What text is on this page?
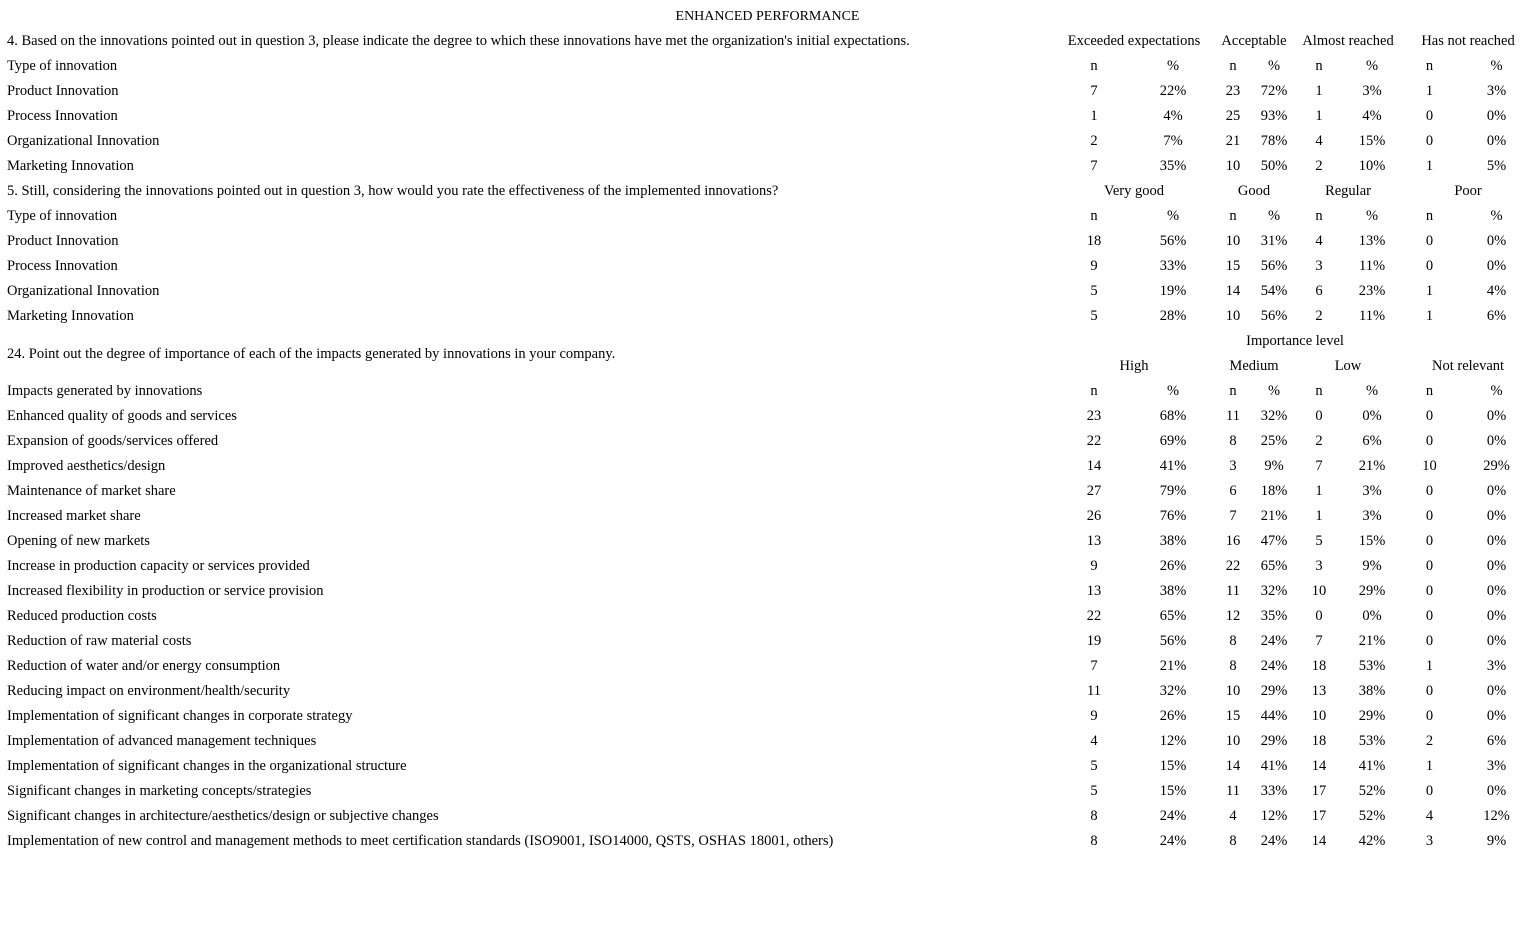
ENHANCED PERFORMANCE
4. Based on the innovations pointed out in question 3, please indicate the degree to which these innovations have met the organization's initial expectations.	Exceeded expectations		Acceptable		Almost reached		Has not reached	
Type of innovation	n	%	n	%	n	%	n	%
Product Innovation	7	22%	23	72%	1	3%	1	3%
Process Innovation	1	4%	25	93%	1	4%	0	0%
Organizational Innovation	2	7%	21	78%	4	15%	0	0%
Marketing Innovation	7	35%	10	50%	2	10%	1	5%
5. Still, considering the innovations pointed out in question 3, how would you rate the effectiveness of the implemented innovations?	Very good		Good		Regular		Poor	
Type of innovation	n	%	n	%	n	%	n	%
Product Innovation	18	56%	10	31%	4	13%	0	0%
Process Innovation	9	33%	15	56%	3	11%	0	0%
Organizational Innovation	5	19%	14	54%	6	23%	1	4%
Marketing Innovation	5	28%	10	56%	2	11%	1	6%
24. Point out the degree of importance of each of the impacts generated by innovations in your company.	Importance level							
	High		Medium		Low		Not relevant	
Impacts generated by innovations	n	%	n	%	n	%	n	%
Enhanced quality of goods and services	23	68%	11	32%	0	0%	0	0%
Expansion of goods/services offered	22	69%	8	25%	2	6%	0	0%
Improved aesthetics/design	14	41%	3	9%	7	21%	10	29%
Maintenance of market share	27	79%	6	18%	1	3%	0	0%
Increased market share	26	76%	7	21%	1	3%	0	0%
Opening of new markets	13	38%	16	47%	5	15%	0	0%
Increase in production capacity or services provided	9	26%	22	65%	3	9%	0	0%
Increased flexibility in production or service provision	13	38%	11	32%	10	29%	0	0%
Reduced production costs	22	65%	12	35%	0	0%	0	0%
Reduction of raw material costs	19	56%	8	24%	7	21%	0	0%
Reduction of water and/or energy consumption	7	21%	8	24%	18	53%	1	3%
Reducing impact on environment/health/security	11	32%	10	29%	13	38%	0	0%
Implementation of significant changes in corporate strategy	9	26%	15	44%	10	29%	0	0%
Implementation of advanced management techniques	4	12%	10	29%	18	53%	2	6%
Implementation of significant changes in the organizational structure	5	15%	14	41%	14	41%	1	3%
Significant changes in marketing concepts/strategies	5	15%	11	33%	17	52%	0	0%
Significant changes in architecture/aesthetics/design or subjective changes	8	24%	4	12%	17	52%	4	12%
Implementation of new control and management methods to meet certification standards (ISO9001, ISO14000, QSTS, OSHAS 18001, others)	8	24%	8	24%	14	42%	3	9%
